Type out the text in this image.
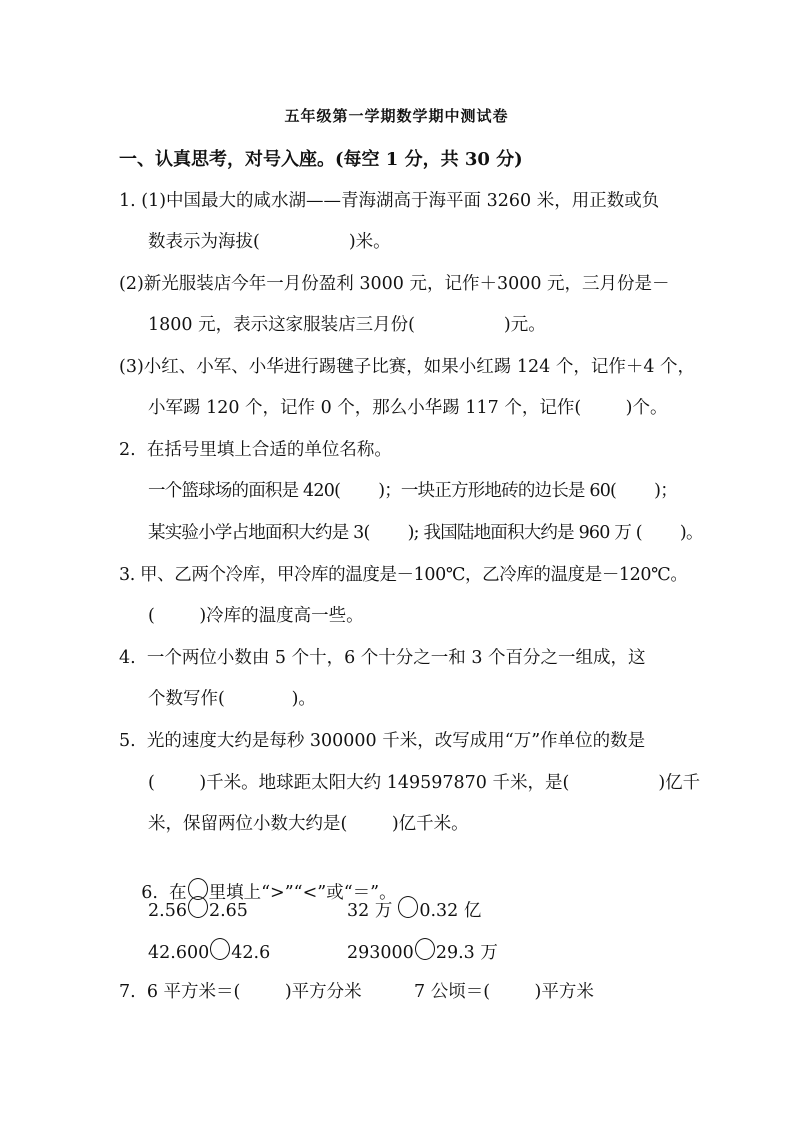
五年级第一学期数学期中测试卷
一、认真思考，对号入座。(每空 1 分，共 30 分)
1. (1)中国最大的咸水湖——青海湖高于海平面 3260 米，用正数或负
数表示为海拔(                )米。
(2)新光服装店今年一月份盈利 3000 元，记作＋3000 元，三月份是－
1800 元，表示这家服装店三月份(                )元。
(3)小红、小军、小华进行踢毽子比赛，如果小红踢 124 个，记作＋4 个，
小军踢 120 个，记作 0 个，那么小华踢 117 个，记作(        )个。
2.  在括号里填上合适的单位名称。
一个篮球场的面积是 420(        )；一块正方形地砖的边长是 60(        )；
某实验小学占地面积大约是 3(        ); 我国陆地面积大约是 960 万 (        )。
3. 甲、乙两个冷库，甲冷库的温度是－100℃，乙冷库的温度是－120℃。
(        )冷库的温度高一些。
4.  一个两位小数由 5 个十，6 个十分之一和 3 个百分之一组成，这
个数写作(            )。
5.  光的速度大约是每秒 300000 千米，改写成用“万”作单位的数是
(        )千米。地球距太阳大约 149597870 千米，是(                )亿千
米，保留两位小数大约是(        )亿千米。

6.  在 里填上“>”“<”或“＝”。

2.56 2.65	32 万 0.32 亿
42.600 42.6	293000 29.3 万
7.  6 平方米＝(        )平方分米	7 公顷＝(        )平方米
